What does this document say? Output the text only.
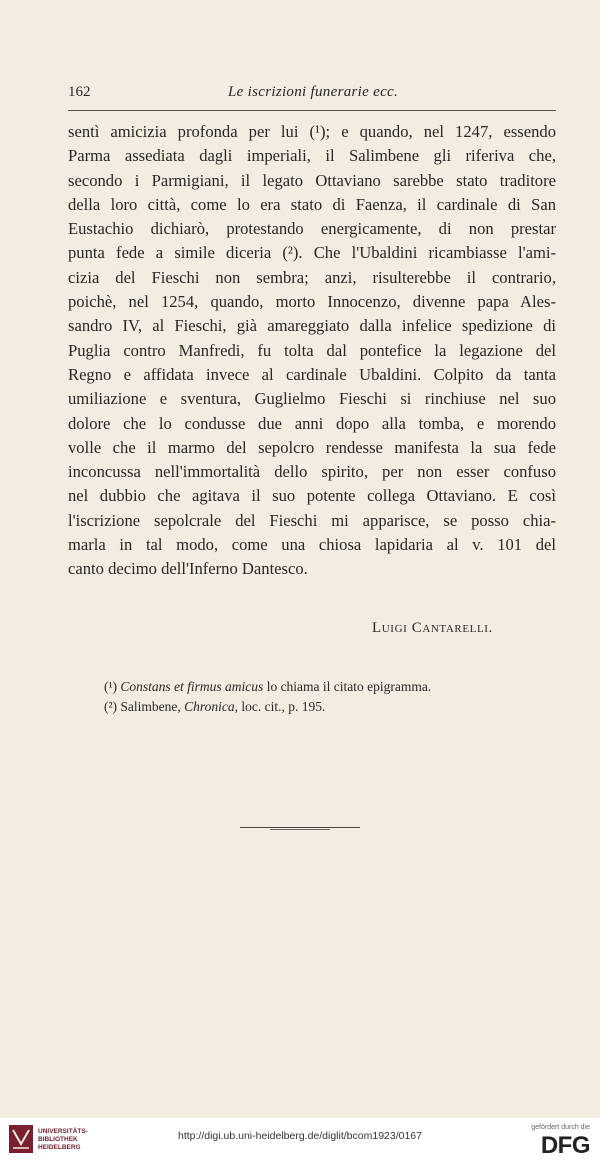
162	Le iscrizioni funerarie ecc.
sentì amicizia profonda per lui (¹); e quando, nel 1247, essendo
Parma assediata dagli imperiali, il Salimbene gli riferiva che,
secondo i Parmigiani, il legato Ottaviano sarebbe stato traditore
della loro città, come lo era stato di Faenza, il cardinale di San
Eustachio dichiarò, protestando energicamente, di non prestar
punta fede a simile diceria (²). Che l'Ubaldini ricambiasse l'ami-
cizia del Fieschi non sembra; anzi, risulterebbe il contrario,
poichè, nel 1254, quando, morto Innocenzo, divenne papa Ales-
sandro IV, al Fieschi, già amareggiato dalla infelice spedizione di
Puglia contro Manfredi, fu tolta dal pontefice la legazione del
Regno e affidata invece al cardinale Ubaldini. Colpito da tanta
umiliazione e sventura, Guglielmo Fieschi si rinchiuse nel suo
dolore che lo condusse due anni dopo alla tomba, e morendo
volle che il marmo del sepolcro rendesse manifesta la sua fede
inconcussa nell'immortalità dello spirito, per non esser confuso
nel dubbio che agitava il suo potente collega Ottaviano. E così
l'iscrizione sepolcrale del Fieschi mi apparisce, se posso chia-
marla in tal modo, come una chiosa lapidaria al v. 101 del
canto decimo dell'Inferno Dantesco.
Luigi Cantarelli.
(¹) Constans et firmus amicus lo chiama il citato epigramma.
(²) Salimbene, Chronica, loc. cit., p. 195.
UNIVERSITÄTS-
BIBLIOTHEK
HEIDELBERG
http://digi.ub.uni-heidelberg.de/diglit/bcom1923/0167
gefördert durch die
DFG
